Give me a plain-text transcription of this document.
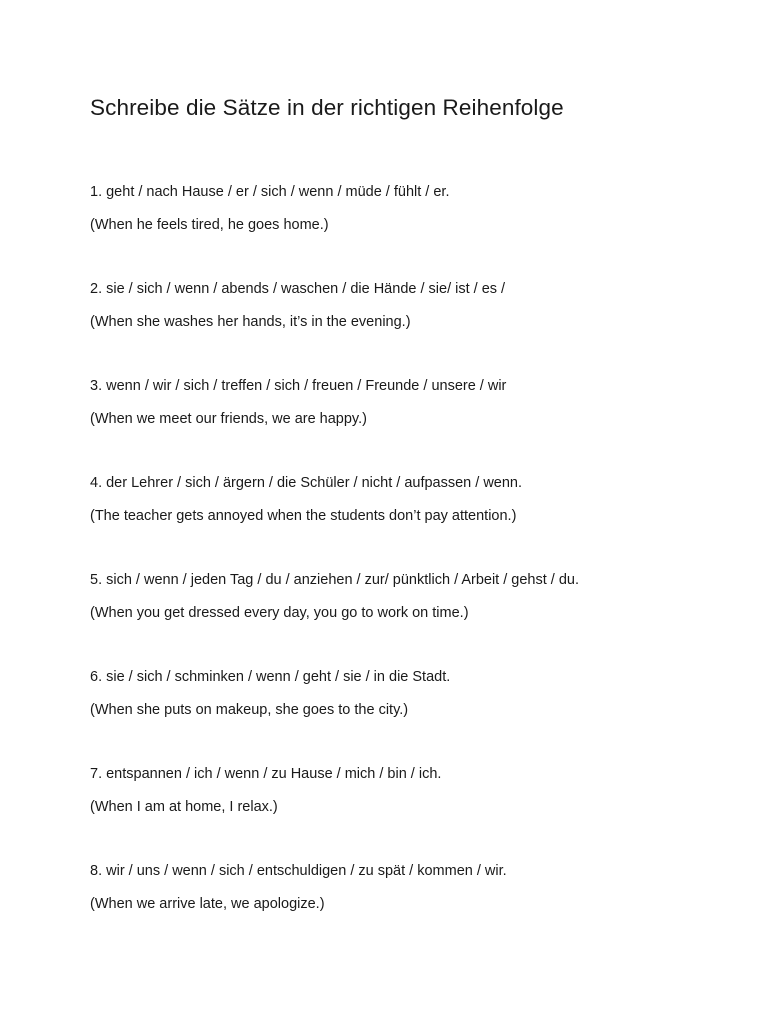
Schreibe die Sätze in der richtigen Reihenfolge

1. geht / nach Hause / er / sich / wenn / müde / fühlt / er.

(When he feels tired, he goes home.)

2. sie / sich / wenn / abends / waschen / die Hände / sie/ ist / es /

(When she washes her hands, it’s in the evening.)

3. wenn / wir / sich / treffen / sich / freuen / Freunde / unsere / wir

(When we meet our friends, we are happy.)

4. der Lehrer / sich / ärgern / die Schüler / nicht / aufpassen / wenn.

(The teacher gets annoyed when the students don’t pay attention.)

5. sich / wenn / jeden Tag / du / anziehen / zur/ pünktlich / Arbeit / gehst / du.

(When you get dressed every day, you go to work on time.)

6. sie / sich / schminken / wenn / geht / sie / in die Stadt.

(When she puts on makeup, she goes to the city.)

7. entspannen / ich / wenn / zu Hause / mich / bin / ich.

(When I am at home, I relax.)

8. wir / uns / wenn / sich / entschuldigen / zu spät / kommen / wir.

(When we arrive late, we apologize.)
